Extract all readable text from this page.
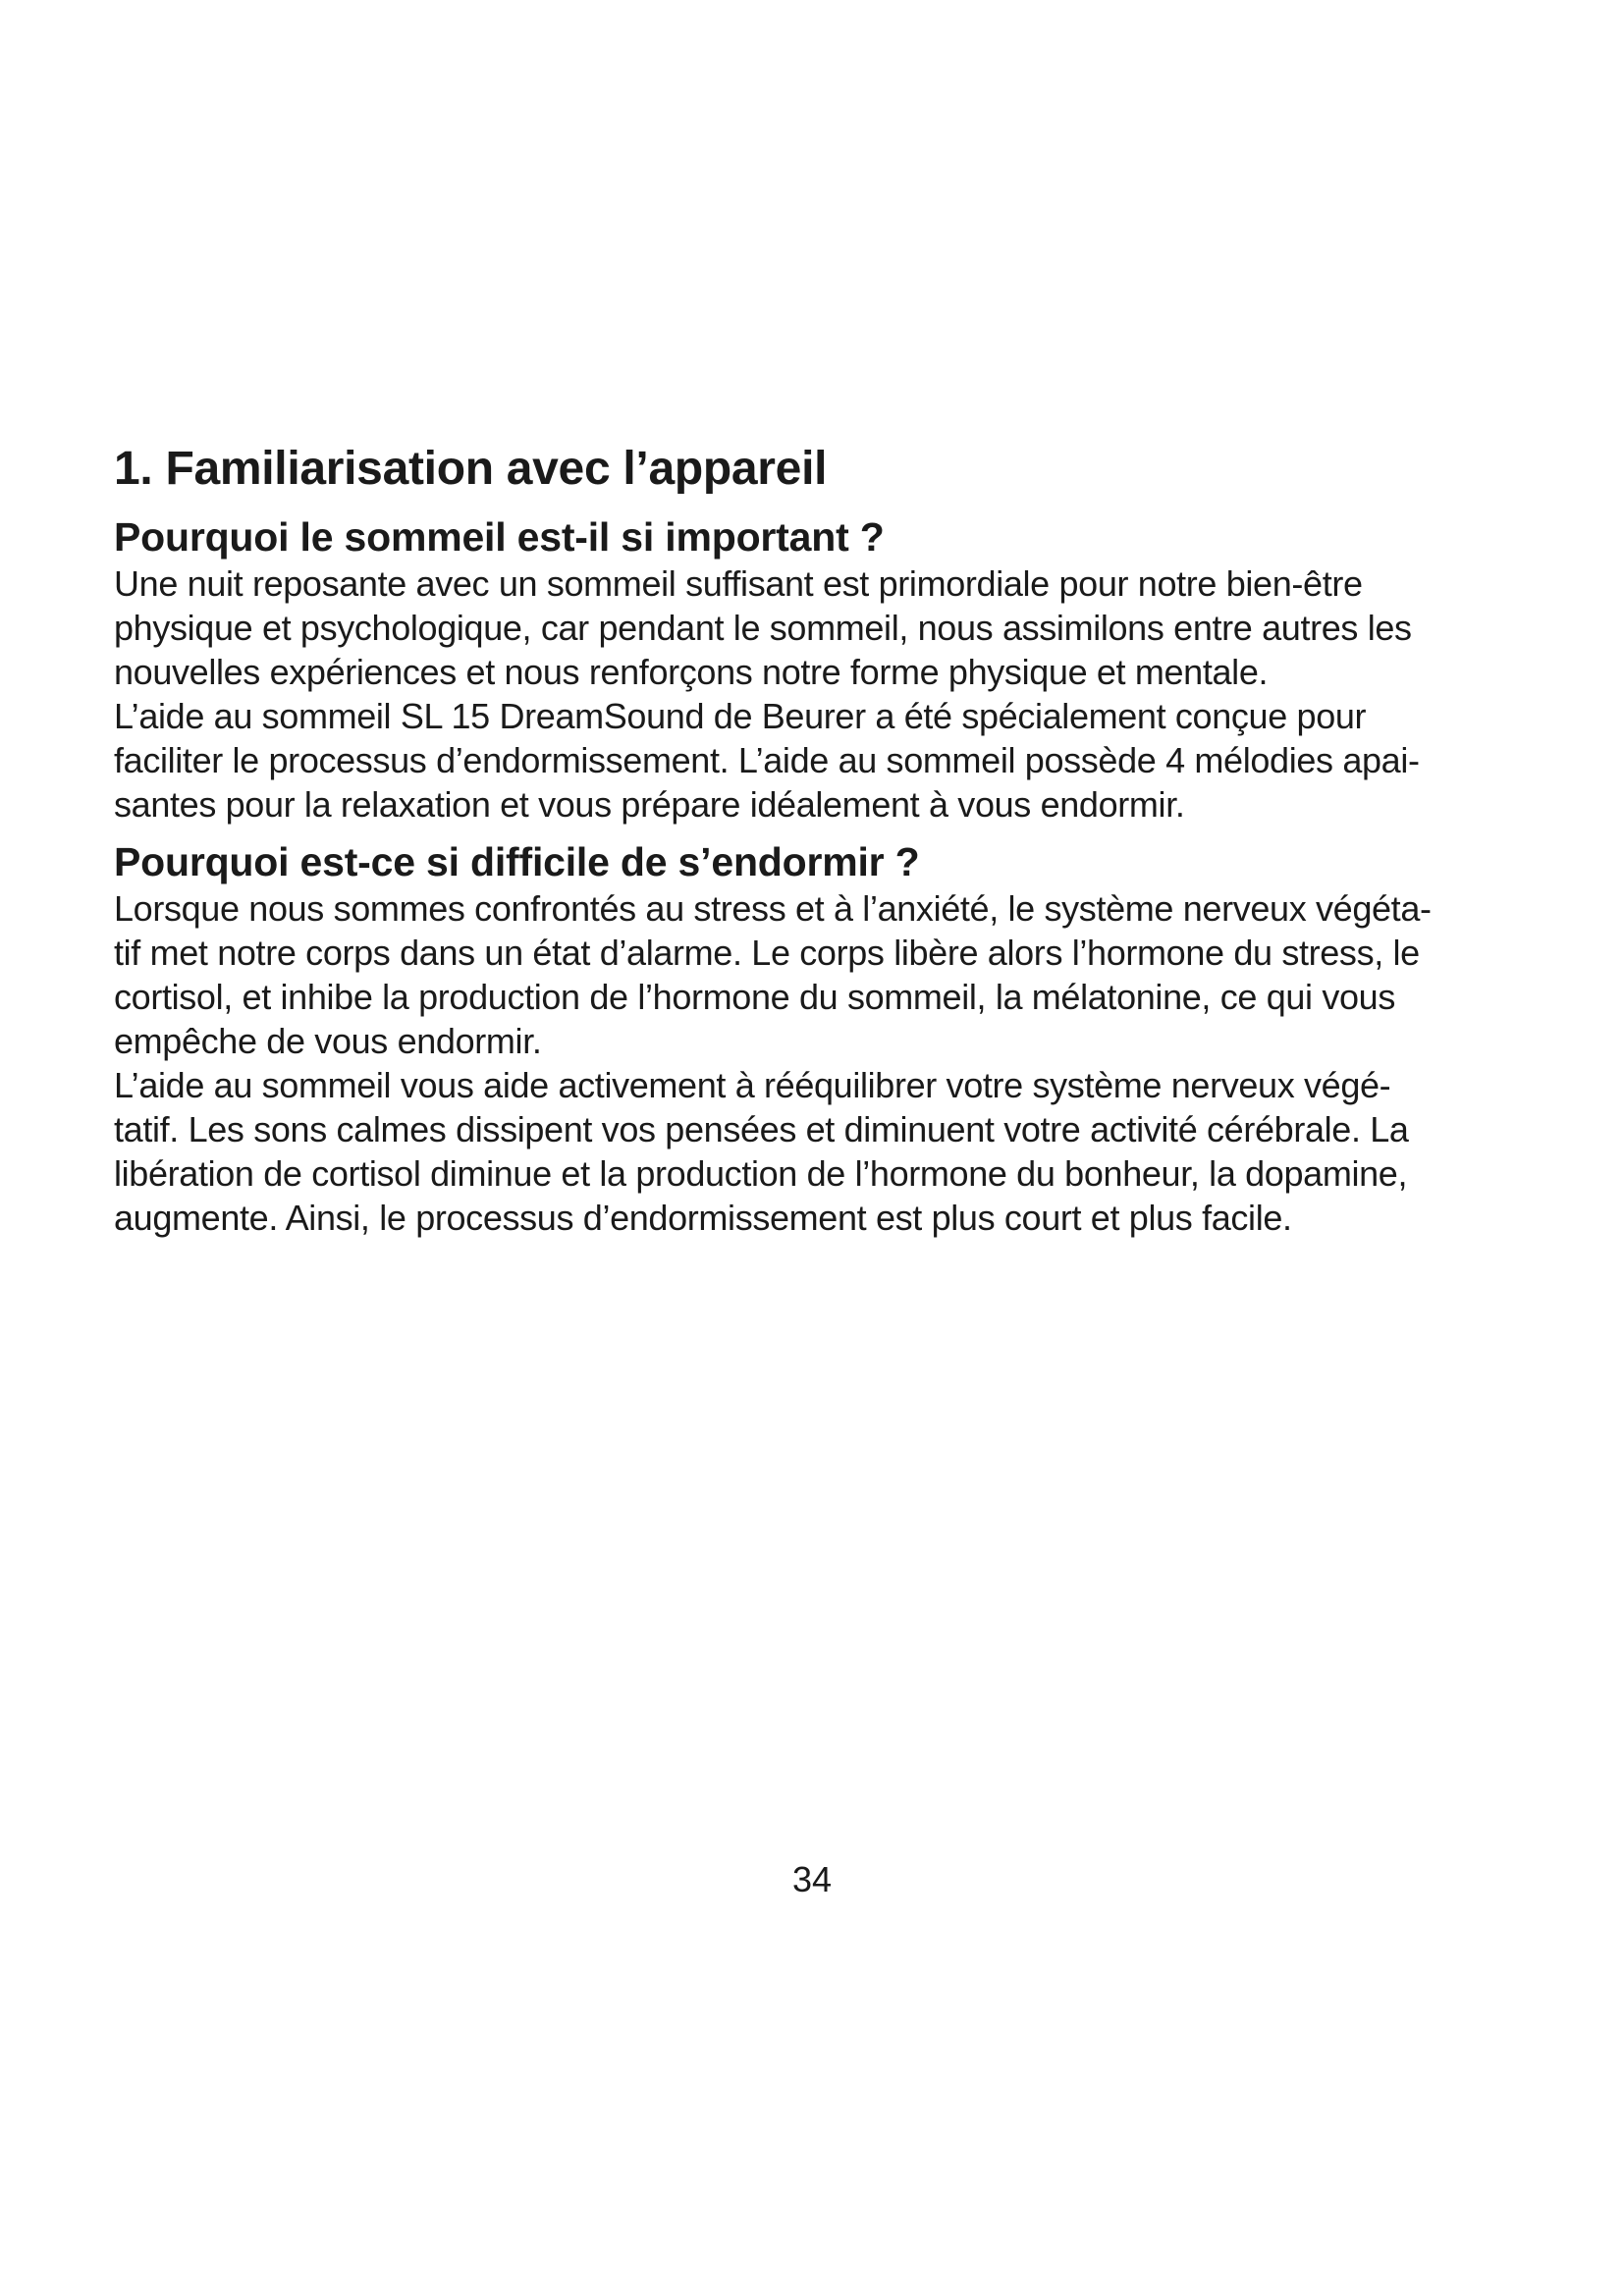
1. Familiarisation avec l’appareil
Pourquoi le sommeil est-il si important ?

Une nuit reposante avec un sommeil suffisant est primordiale pour notre bien-être
physique et psychologique, car pendant le sommeil, nous assimilons entre autres les
nouvelles expériences et nous renforçons notre forme physique et mentale.

L’aide au sommeil SL 15 DreamSound de Beurer a été spécialement conçue pour
faciliter le processus d’endormissement. L’aide au sommeil possède 4 mélodies apai-
santes pour la relaxation et vous prépare idéalement à vous endormir.

Pourquoi est-ce si difficile de s’endormir ?

Lorsque nous sommes confrontés au stress et à l’anxiété, le système nerveux végéta-
tif met notre corps dans un état d’alarme. Le corps libère alors l’hormone du stress, le
cortisol, et inhibe la production de l’hormone du sommeil, la mélatonine, ce qui vous
empêche de vous endormir.

L’aide au sommeil vous aide activement à rééquilibrer votre système nerveux végé-
tatif. Les sons calmes dissipent vos pensées et diminuent votre activité cérébrale. La
libération de cortisol diminue et la production de l’hormone du bonheur, la dopamine,
augmente. Ainsi, le processus d’endormissement est plus court et plus facile.

34
